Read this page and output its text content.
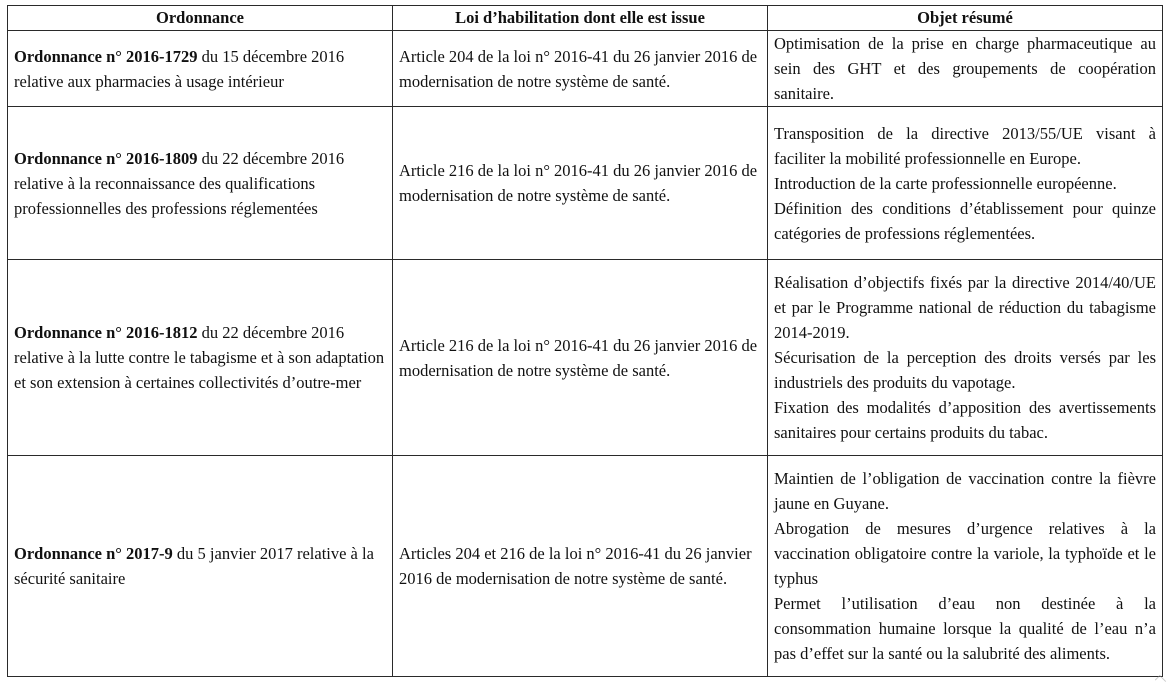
Ordonnance	Loi d’habilitation dont elle est issue	Objet résumé
Ordonnance n° 2016-1729 du 15 décembre 2016 relative aux pharmacies à usage intérieur	Article 204 de la loi n° 2016-41 du 26 janvier 2016 de modernisation de notre système de santé.	Optimisation de la prise en charge pharmaceutique au sein des GHT et des groupements de coopération sanitaire.

Ordonnance n° 2016-1809 du 22 décembre 2016 relative à la reconnaissance des qualifications professionnelles des professions réglementées	Article 216 de la loi n° 2016-41 du 26 janvier 2016 de modernisation de notre système de santé.	Transposition de la directive 2013/55/UE visant à faciliter la mobilité professionnelle en Europe.

Introduction de la carte professionnelle européenne.

Définition des conditions d’établissement pour quinze catégories de professions réglementées.

Ordonnance n° 2016-1812 du 22 décembre 2016 relative à la lutte contre le tabagisme et à son adaptation et son extension à certaines collectivités d’outre-mer	Article 216 de la loi n° 2016-41 du 26 janvier 2016 de modernisation de notre système de santé.	Réalisation d’objectifs fixés par la directive 2014/40/UE et par le Programme national de réduction du tabagisme 2014-2019.

Sécurisation de la perception des droits versés par les industriels des produits du vapotage.

Fixation des modalités d’apposition des avertissements sanitaires pour certains produits du tabac.

Ordonnance n° 2017-9 du 5 janvier 2017 relative à la sécurité sanitaire	Articles 204 et 216 de la loi n° 2016-41 du 26 janvier 2016 de modernisation de notre système de santé.	Maintien de l’obligation de vaccination contre la fièvre jaune en Guyane.

Abrogation de mesures d’urgence relatives à la vaccination obligatoire contre la variole, la typhoïde et le typhus

Permet l’utilisation d’eau non destinée à la consommation humaine lorsque la qualité de l’eau n’a pas d’effet sur la santé ou la salubrité des aliments.
